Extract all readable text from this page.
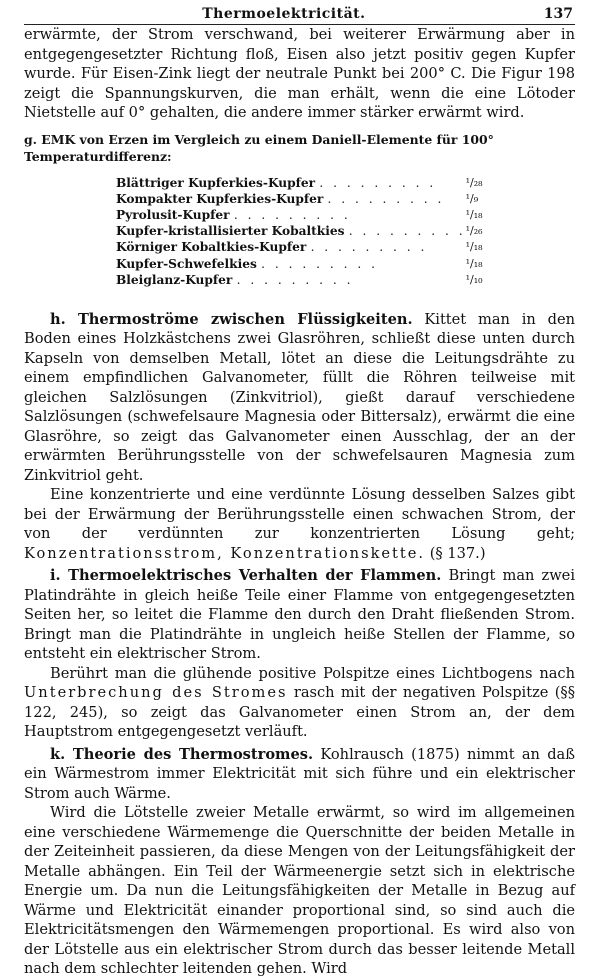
Thermoelektricität.	137

erwärmte, der Strom verschwand, bei weiterer Erwärmung aber in entgegengesetzter Richtung floß, Eisen also jetzt positiv gegen Kupfer wurde. Für Eisen-Zink liegt der neutrale Punkt bei 200° C. Die Figur 198 zeigt die Spannungskurven, die man erhält, wenn die eine Lötoder Nietstelle auf 0° gehalten, die andere immer stärker erwärmt wird.

g. EMK von Erzen im Vergleich zu einem Daniell-Elemente für 100° Temperaturdifferenz:
Blättriger Kupferkies-Kupfer . . . . . . . . .	¹/₂₈
Kompakter Kupferkies-Kupfer . . . . . . . . .	¹/₉
Pyrolusit-Kupfer . . . . . . . . .	¹/₁₈
Kupfer-kristallisierter Kobaltkies . . . . . . . . .	¹/₂₆
Körniger Kobaltkies-Kupfer . . . . . . . . .	¹/₁₈
Kupfer-Schwefelkies . . . . . . . . .	¹/₁₈
Bleiglanz-Kupfer . . . . . . . . .	¹/₁₀

h. Thermoströme zwischen Flüssigkeiten. Kittet man in den Boden eines Holzkästchens zwei Glasröhren, schließt diese unten durch Kapseln von demselben Metall, lötet an diese die Leitungsdrähte zu einem empfindlichen Galvanometer, füllt die Röhren teilweise mit gleichen Salzlösungen (Zinkvitriol), gießt darauf verschiedene Salzlösungen (schwefelsaure Magnesia oder Bittersalz), erwärmt die eine Glasröhre, so zeigt das Galvanometer einen Ausschlag, der an der erwärmten Berührungsstelle von der schwefelsauren Magnesia zum Zinkvitriol geht.

Eine konzentrierte und eine verdünnte Lösung desselben Salzes gibt bei der Erwärmung der Berührungsstelle einen schwachen Strom, der von der verdünnten zur konzentrierten Lösung geht; Konzentrationsstrom, Konzentrationskette. (§ 137.)

i. Thermoelektrisches Verhalten der Flammen. Bringt man zwei Platindrähte in gleich heiße Teile einer Flamme von entgegengesetzten Seiten her, so leitet die Flamme den durch den Draht fließenden Strom. Bringt man die Platindrähte in ungleich heiße Stellen der Flamme, so entsteht ein elektrischer Strom.

Berührt man die glühende positive Polspitze eines Lichtbogens nach Unterbrechung des Stromes rasch mit der negativen Polspitze (§§ 122, 245), so zeigt das Galvanometer einen Strom an, der dem Hauptstrom entgegengesetzt verläuft.

k. Theorie des Thermostromes. Kohlrausch (1875) nimmt an daß ein Wärmestrom immer Elektricität mit sich führe und ein elektrischer Strom auch Wärme.

Wird die Lötstelle zweier Metalle erwärmt, so wird im allgemeinen eine verschiedene Wärmemenge die Querschnitte der beiden Metalle in der Zeiteinheit passieren, da diese Mengen von der Leitungsfähigkeit der Metalle abhängen. Ein Teil der Wärmeenergie setzt sich in elektrische Energie um. Da nun die Leitungsfähigkeiten der Metalle in Bezug auf Wärme und Elektricität einander proportional sind, so sind auch die Elektricitätsmengen den Wärmemengen proportional. Es wird also von der Lötstelle aus ein elektrischer Strom durch das besser leitende Metall nach dem schlechter leitenden gehen. Wird
